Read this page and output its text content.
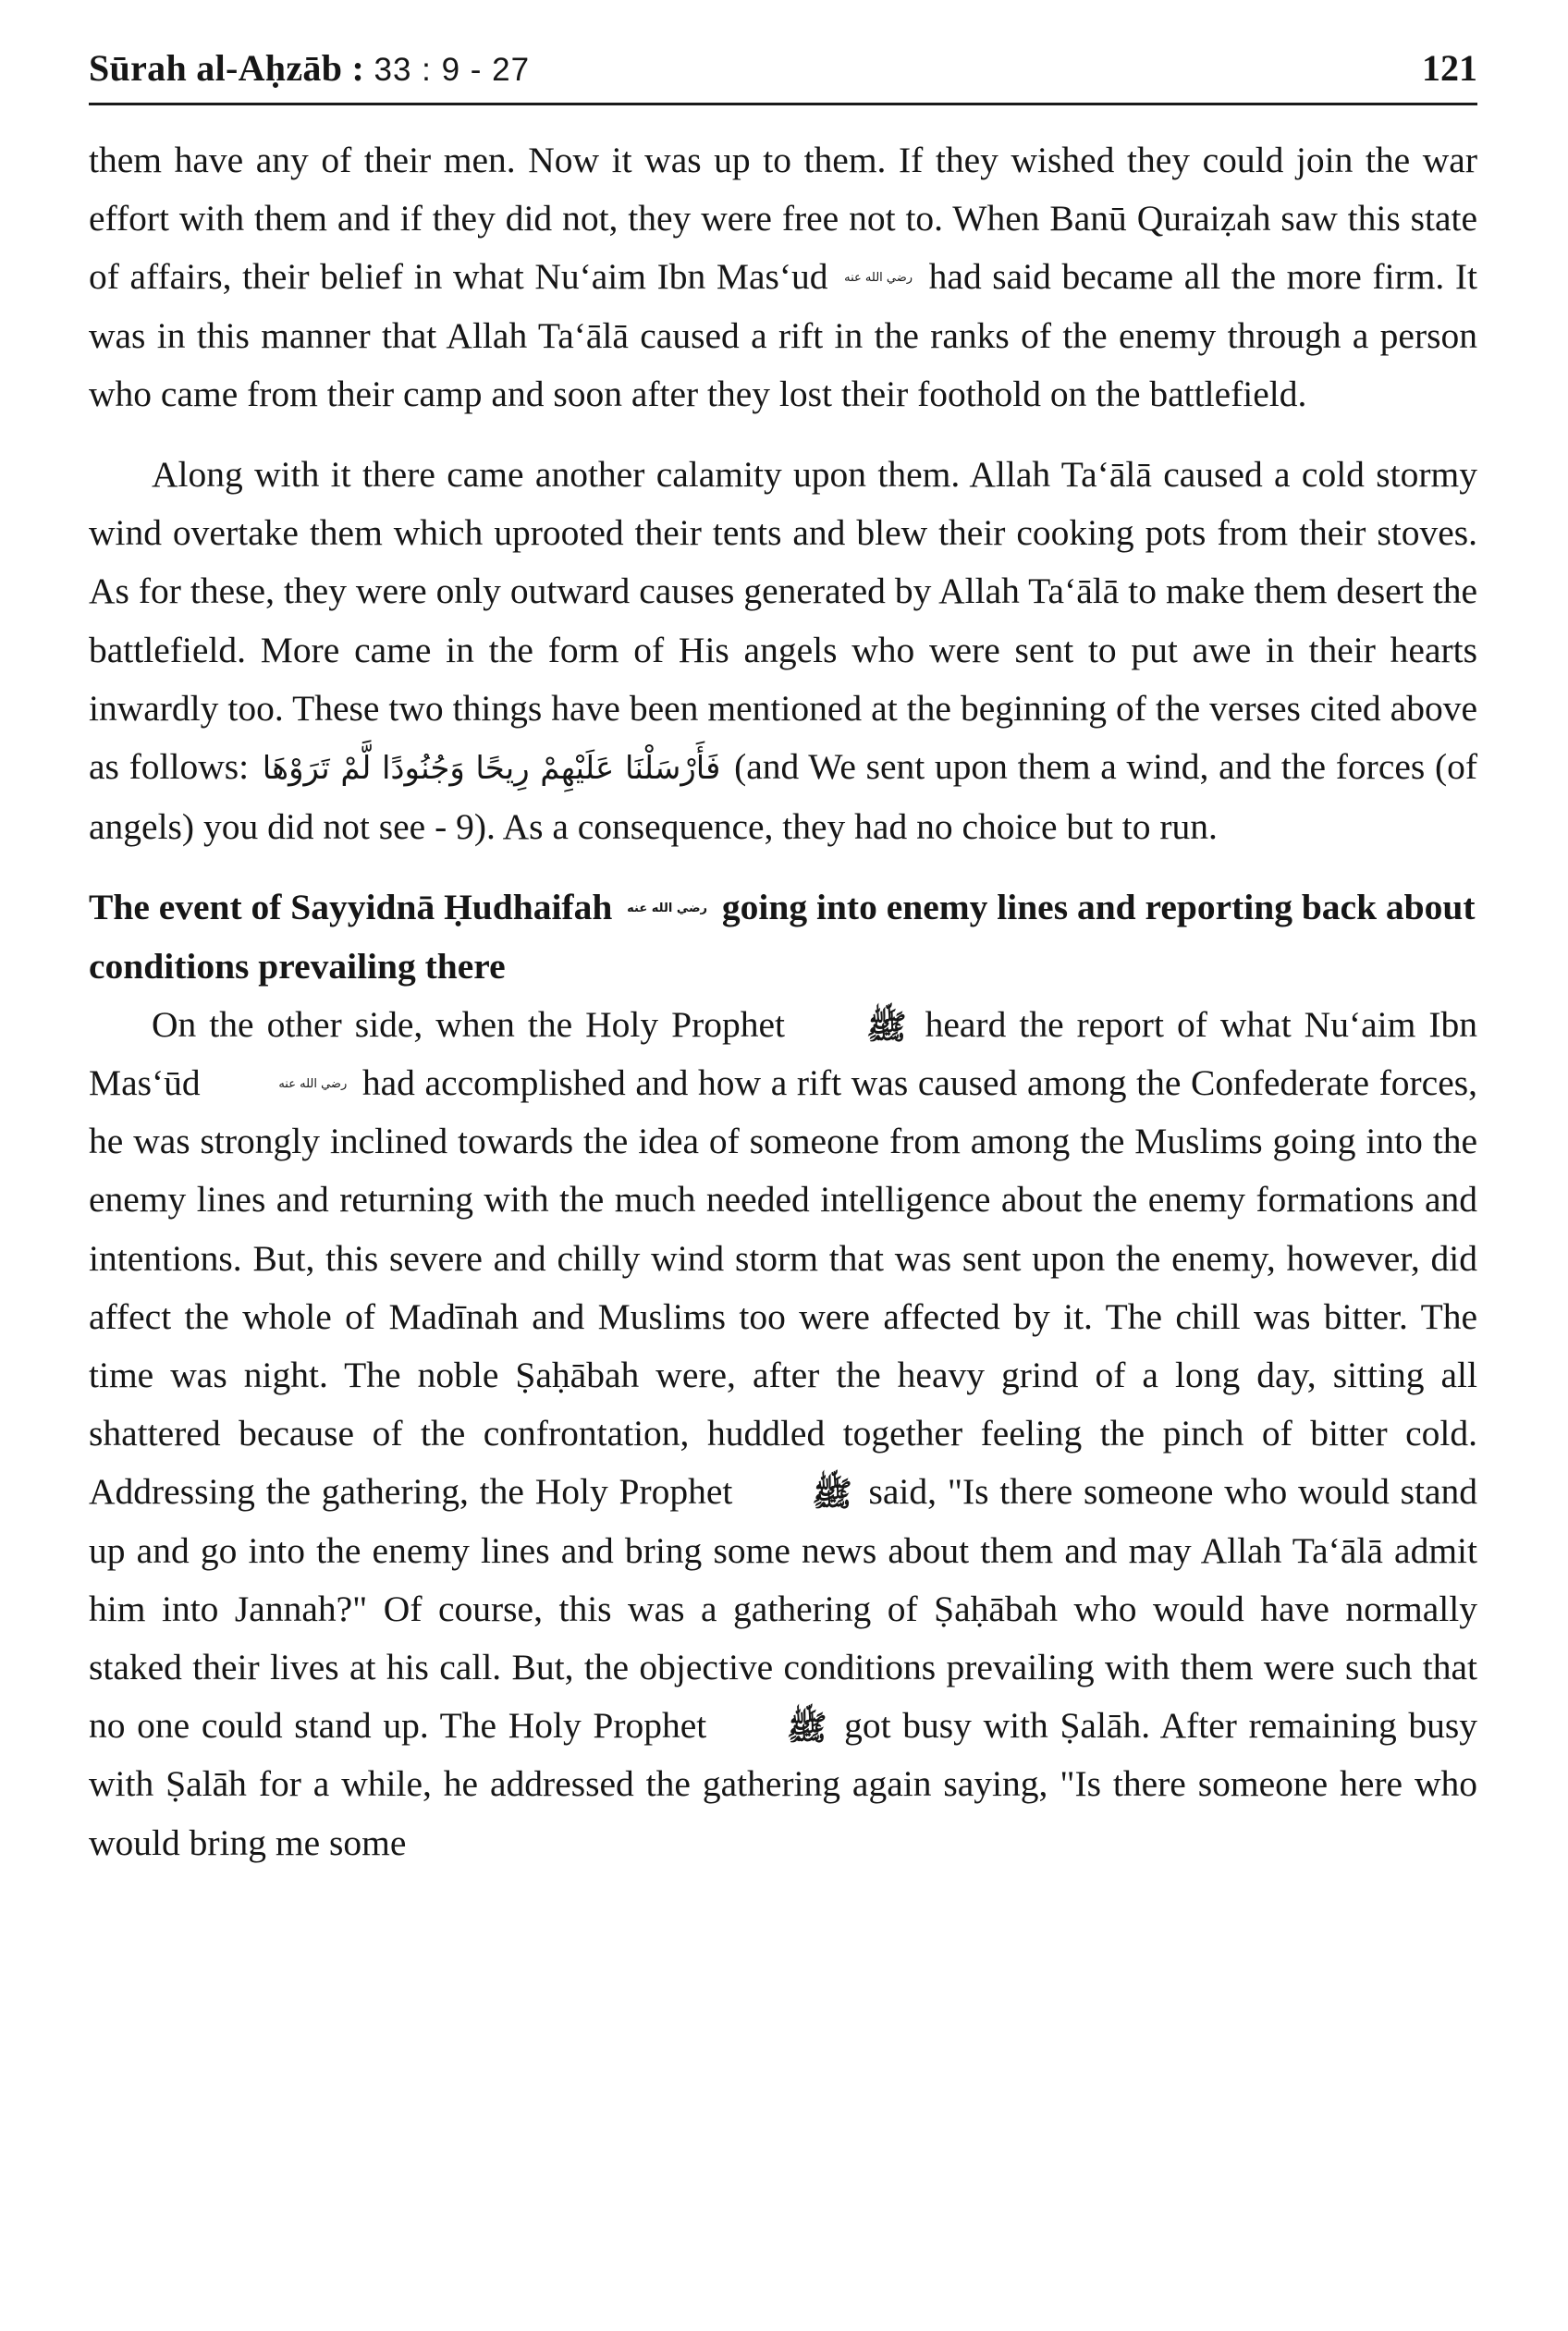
Sūrah al-Aḥzāb : 33 : 9 - 27	121

them have any of their men. Now it was up to them. If they wished they could join the war effort with them and if they did not, they were free not to. When Banū Quraiẓah saw this state of affairs, their belief in what Nu‘aim Ibn Mas‘ud رضي الله عنه had said became all the more firm. It was in this manner that Allah Ta‘ālā caused a rift in the ranks of the enemy through a person who came from their camp and soon after they lost their foothold on the battlefield.

Along with it there came another calamity upon them. Allah Ta‘ālā caused a cold stormy wind overtake them which uprooted their tents and blew their cooking pots from their stoves. As for these, they were only outward causes generated by Allah Ta‘ālā to make them desert the battlefield. More came in the form of His angels who were sent to put awe in their hearts inwardly too. These two things have been mentioned at the beginning of the verses cited above as follows: فَأَرْسَلْنَا عَلَيْهِمْ رِيحًا وَجُنُودًا لَّمْ تَرَوْهَا (and We sent upon them a wind, and the forces (of angels) you did not see - 9). As a consequence, they had no choice but to run.

The event of Sayyidnā Ḥudhaifah رضي الله عنه going into enemy lines and reporting back about conditions prevailing there

On the other side, when the Holy Prophet ﷺ heard the report of what Nu‘aim Ibn Mas‘ūd	رضي الله عنه had accomplished and how a rift was caused among the Confederate forces, he was strongly inclined towards the idea of someone from among the Muslims going into the enemy lines and returning with the much needed intelligence about the enemy formations and intentions. But, this severe and chilly wind storm that was sent upon the enemy, however, did affect the whole of Madīnah and Muslims too were affected by it. The chill was bitter. The time was night. The noble Ṣaḥābah were, after the heavy grind of a long day, sitting all shattered because of the confrontation, huddled together feeling the pinch of bitter cold. Addressing the gathering, the Holy Prophet ﷺ said, "Is there someone who would stand up and go into the enemy lines and bring some news about them and may Allah Ta‘ālā admit him into Jannah?" Of course, this was a gathering of Ṣaḥābah who would have normally staked their lives at his call. But, the objective conditions prevailing with them were such that no one could stand up. The Holy Prophet ﷺ got busy with Ṣalāh. After remaining busy with Ṣalāh for a while, he addressed the gathering again saying, "Is there someone here who would bring me some
